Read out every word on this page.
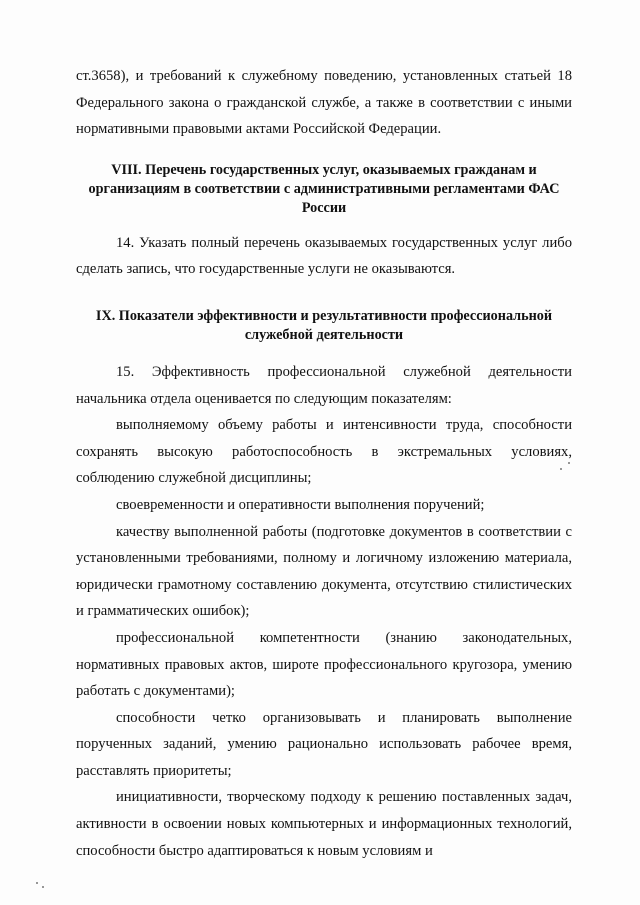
ст.3658), и требований к служебному поведению, установленных статьей 18 Федерального закона о гражданской службе, а также в соответствии с иными нормативными правовыми актами Российской Федерации.

VIII. Перечень государственных услуг, оказываемых гражданам и организациям в соответствии с административными регламентами ФАС России

14. Указать полный перечень оказываемых государственных услуг либо сделать запись, что государственные услуги не оказываются.

IX. Показатели эффективности и результативности профессиональной служебной деятельности

15. Эффективность профессиональной служебной деятельности начальника отдела оценивается по следующим показателям:

выполняемому объему работы и интенсивности труда, способности сохранять высокую работоспособность в экстремальных условиях, соблюдению служебной дисциплины;

своевременности и оперативности выполнения поручений;

качеству выполненной работы (подготовке документов в соответствии с установленными требованиями, полному и логичному изложению материала, юридически грамотному составлению документа, отсутствию стилистических и грамматических ошибок);

профессиональной компетентности (знанию законодательных, нормативных правовых актов, широте профессионального кругозора, умению работать с документами);

способности четко организовывать и планировать выполнение порученных заданий, умению рационально использовать рабочее время, расставлять приоритеты;

инициативности, творческому подходу к решению поставленных задач, активности в освоении новых компьютерных и информационных технологий, способности быстро адаптироваться к новым условиям и
